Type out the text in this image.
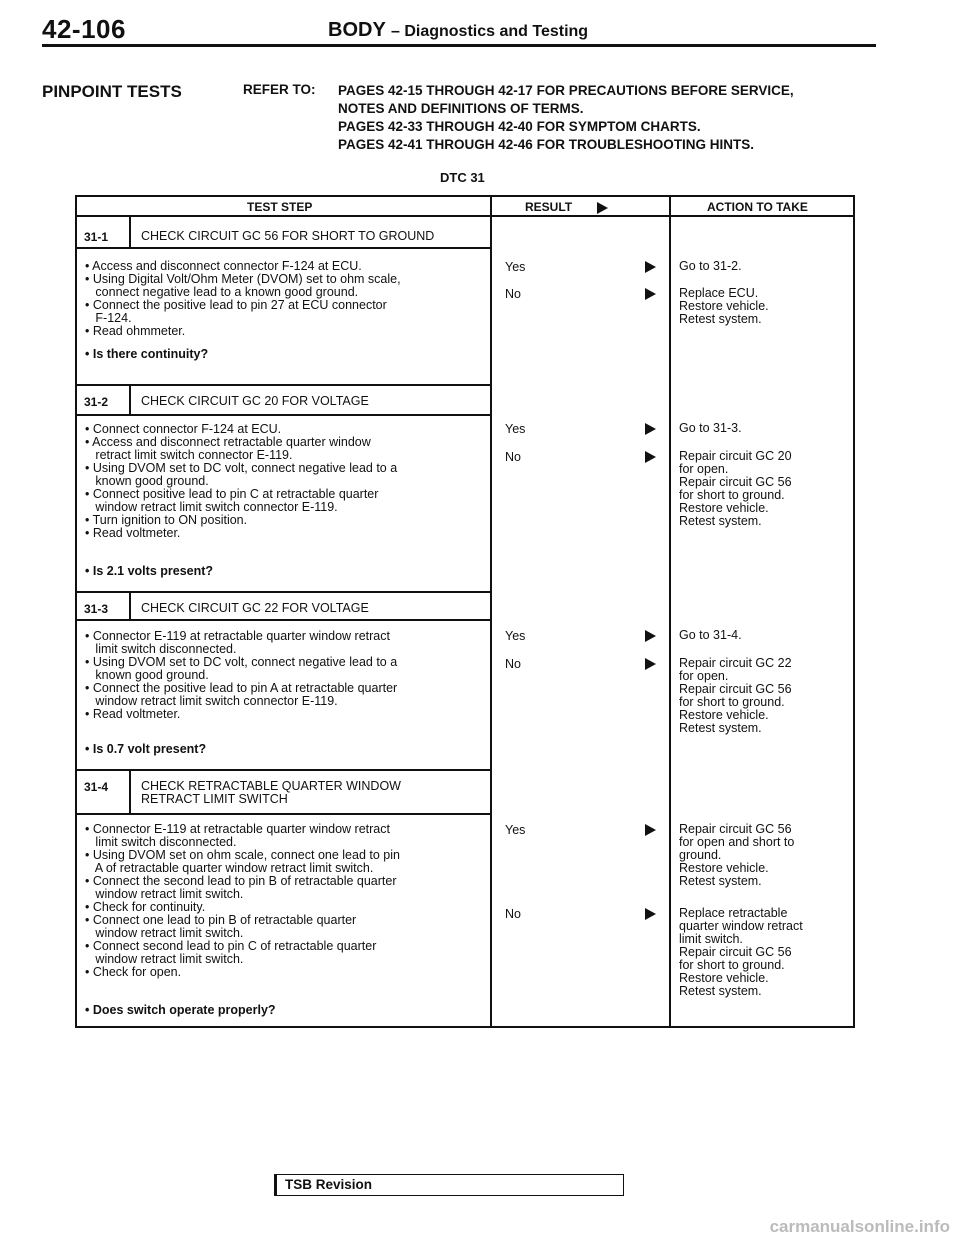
42-106	BODY – Diagnostics and Testing
PINPOINT TESTS	REFER TO: PAGES 42-15 THROUGH 42-17 FOR PRECAUTIONS BEFORE SERVICE,
NOTES AND DEFINITIONS OF TERMS.
PAGES 42-33 THROUGH 42-40 FOR SYMPTOM CHARTS.
PAGES 42-41 THROUGH 42-46 FOR TROUBLESHOOTING HINTS.
DTC 31
TEST STEP	RESULT	ACTION TO TAKE
31-1	CHECK CIRCUIT GC 56 FOR SHORT TO GROUND
• Access and disconnect connector F-124 at ECU.
• Using Digital Volt/Ohm Meter (DVOM) set to ohm scale,
connect negative lead to a known good ground.
• Connect the positive lead to pin 27 at ECU connector
F-124.
• Read ohmmeter.
• Is there continuity?
Yes	Go to 31-2.
No	Replace ECU.
Restore vehicle.
Retest system.
31-2	CHECK CIRCUIT GC 20 FOR VOLTAGE
• Connect connector F-124 at ECU.
• Access and disconnect retractable quarter window
retract limit switch connector E-119.
• Using DVOM set to DC volt, connect negative lead to a
known good ground.
• Connect positive lead to pin C at retractable quarter
window retract limit switch connector E-119.
• Turn ignition to ON position.
• Read voltmeter.
• Is 2.1 volts present?
Yes	Go to 31-3.
No	Repair circuit GC 20
for open.
Repair circuit GC 56
for short to ground.
Restore vehicle.
Retest system.
31-3	CHECK CIRCUIT GC 22 FOR VOLTAGE
• Connector E-119 at retractable quarter window retract
limit switch disconnected.
• Using DVOM set to DC volt, connect negative lead to a
known good ground.
• Connect the positive lead to pin A at retractable quarter
window retract limit switch connector E-119.
• Read voltmeter.
• Is 0.7 volt present?
Yes	Go to 31-4.
No	Repair circuit GC 22
for open.
Repair circuit GC 56
for short to ground.
Restore vehicle.
Retest system.
31-4	CHECK RETRACTABLE QUARTER WINDOW
RETRACT LIMIT SWITCH
• Connector E-119 at retractable quarter window retract
limit switch disconnected.
• Using DVOM set on ohm scale, connect one lead to pin
A of retractable quarter window retract limit switch.
• Connect the second lead to pin B of retractable quarter
window retract limit switch.
• Check for continuity.
• Connect one lead to pin B of retractable quarter
window retract limit switch.
• Connect second lead to pin C of retractable quarter
window retract limit switch.
• Check for open.
• Does switch operate properly?
Yes	Repair circuit GC 56
for open and short to
ground.
Restore vehicle.
Retest system.
No	Replace retractable
quarter window retract
limit switch.
Repair circuit GC 56
for short to ground.
Restore vehicle.
Retest system.
TSB Revision
carmanualsonline.info
